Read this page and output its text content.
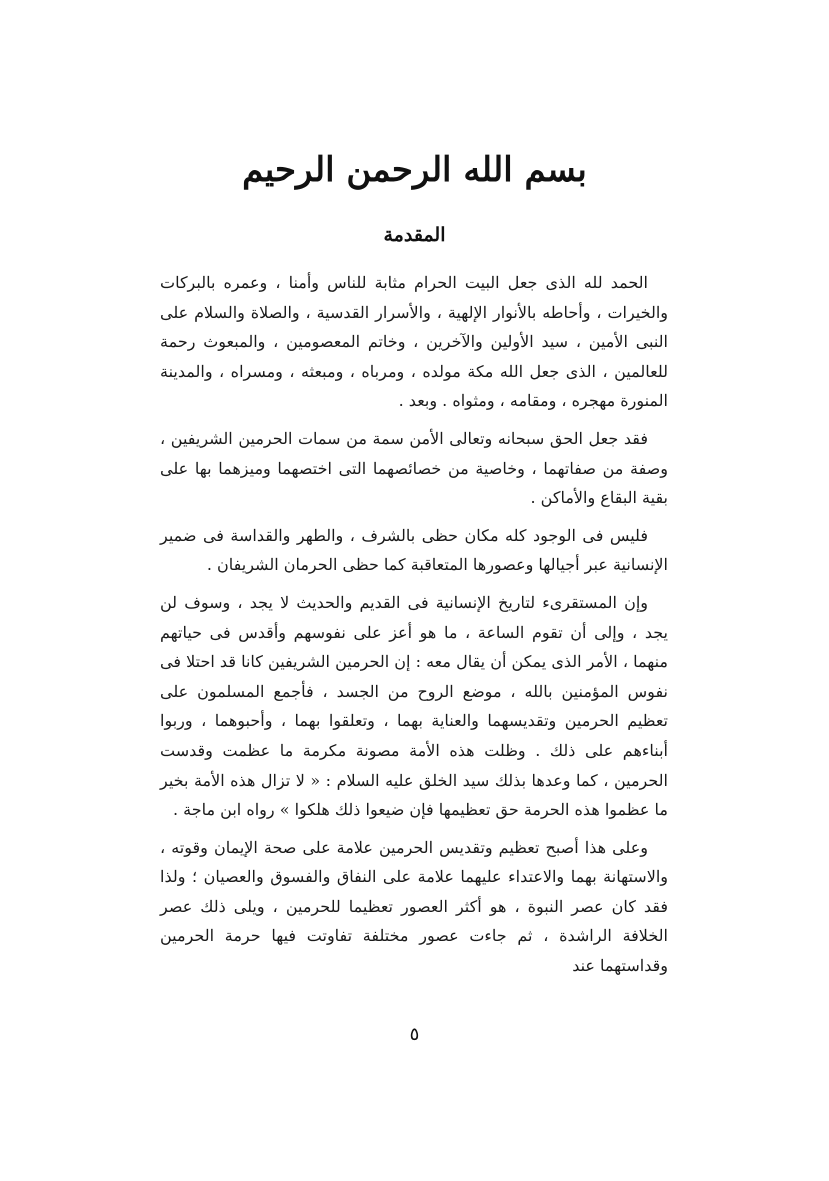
بسم الله الرحمن الرحيم
المقدمة

الحمد لله الذى جعل البيت الحرام مثابة للناس وأمنا ، وعمره بالبركات والخيرات ، وأحاطه بالأنوار الإلهية ، والأسرار القدسية ، والصلاة والسلام على النبى الأمين ، سيد الأولين والآخرين ، وخاتم المعصومين ، والمبعوث رحمة للعالمين ، الذى جعل الله مكة مولده ، ومرباه ، ومبعثه ، ومسراه ، والمدينة المنورة مهجره ، ومقامه ، ومثواه . وبعد .

فقد جعل الحق سبحانه وتعالى الأمن سمة من سمات الحرمين الشريفين ، وصفة من صفاتهما ، وخاصية من خصائصهما التى اختصهما وميزهما بها على بقية البقاع والأماكن .

فليس فى الوجود كله مكان حظى بالشرف ، والطهر والقداسة فى ضمير الإنسانية عبر أجيالها وعصورها المتعاقبة كما حظى الحرمان الشريفان .

وإن المستقرىء لتاريخ الإنسانية فى القديم والحديث لا يجد ، وسوف لن يجد ، وإلى أن تقوم الساعة ، ما هو أعز على نفوسهم وأقدس فى حياتهم منهما ، الأمر الذى يمكن أن يقال معه : إن الحرمين الشريفين كانا قد احتلا فى نفوس المؤمنين بالله ، موضع الروح من الجسد ، فأجمع المسلمون على تعظيم الحرمين وتقديسهما والعناية بهما ، وتعلقوا بهما ، وأحبوهما ، وربوا أبناءهم على ذلك . وظلت هذه الأمة مصونة مكرمة ما عظمت وقدست الحرمين ، كما وعدها بذلك سيد الخلق عليه السلام : « لا تزال هذه الأمة بخير ما عظموا هذه الحرمة حق تعظيمها فإن ضيعوا ذلك هلكوا » رواه ابن ماجة .

وعلى هذا أصبح تعظيم وتقديس الحرمين علامة على صحة الإيمان وقوته ، والاستهانة بهما والاعتداء عليهما علامة على النفاق والفسوق والعصيان ؛ ولذا فقد كان عصر النبوة ، هو أكثر العصور تعظيما للحرمين ، ويلى ذلك عصر الخلافة الراشدة ، ثم جاءت عصور مختلفة تفاوتت فيها حرمة الحرمين وقداستهما عند

٥
